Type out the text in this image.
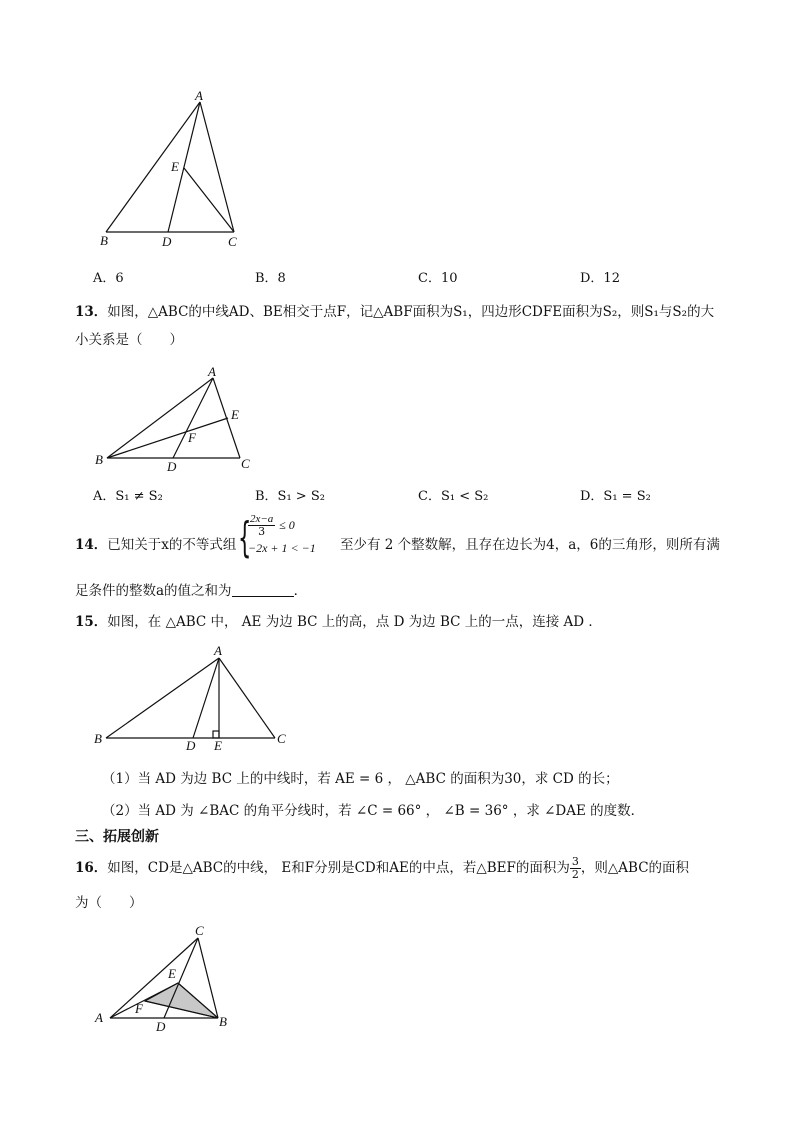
A
B	D	C
E
A．6	B．8	C．10	D．12
13．如图，△ABC的中线AD、BE相交于点F，记△ABF面积为S₁，四边形CDFE面积为S₂，则S₁与S₂的大
小关系是（　　）
A
B	D	C
E
F
A．S₁ ≠ S₂	B．S₁ > S₂	C．S₁ < S₂	D．S₁ = S₂
14．已知关于x的不等式组 {
$\frac{2x-a}{3} \le 0$
−2x + 1 < −1 至少有 2 个整数解，且存在边长为4，a，6的三角形，则所有满
足条件的整数a的值之和为	．
15．如图，在 △ABC 中， AE 为边 BC 上的高，点 D 为边 BC 上的一点，连接 AD ．
A
B	D E	C
（1）当 AD 为边 BC 上的中线时，若 AE = 6 ， △ABC 的面积为30，求 CD 的长；
（2）当 AD 为 ∠BAC 的角平分线时，若 ∠C = 66° ， ∠B = 36° ，求 ∠DAE 的度数．
三、拓展创新
16．如图，CD是△ABC的中线， E和F分别是CD和AE的中点，若△BEF的面积为 $\frac{3}{2}$ ，则△ABC的面积
为（　　）
C
A	B
D
E
F
